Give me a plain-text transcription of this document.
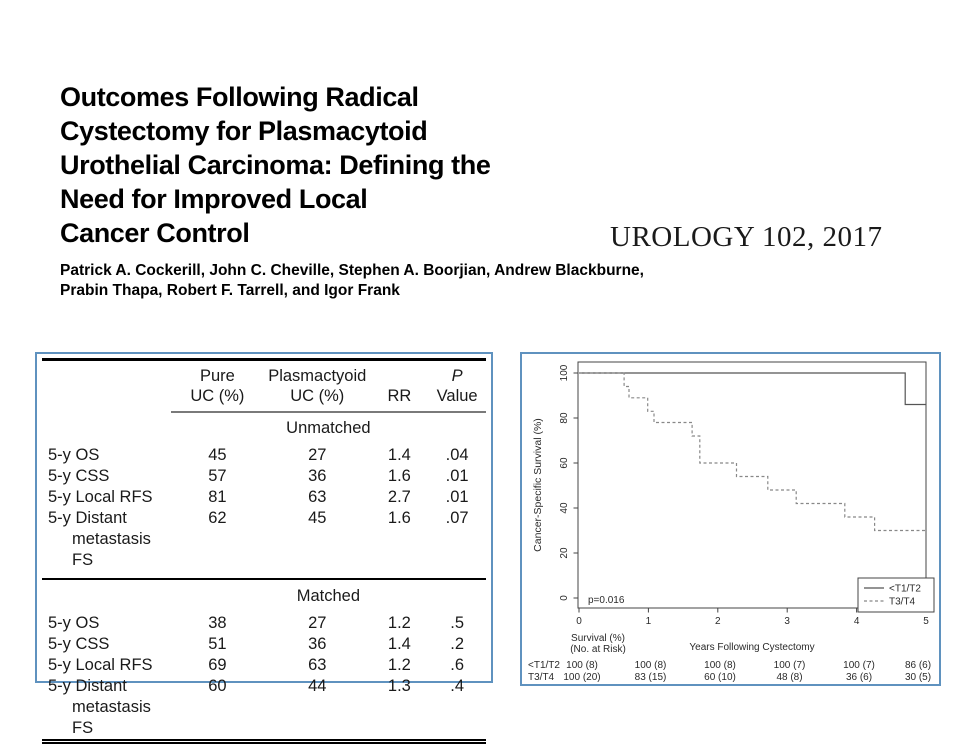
Outcomes Following Radical
Cystectomy for Plasmacytoid
Urothelial Carcinoma: Defining the
Need for Improved Local
Cancer Control	UROLOGY 102, 2017
Patrick A. Cockerill, John C. Cheville, Stephen A. Boorjian, Andrew Blackburne,
Prabin Thapa, Robert F. Tarrell, and Igor Frank
	Pure	Plasmactyoid		P
	UC (%)	UC (%)	RR	Value
	Unmatched			

5-y OS	45	27	1.4	.04

5-y CSS	57	36	1.6	.01

5-y Local RFS	81	63	2.7	.01

5-y Distant
metastasis FS	62	45	1.6	.07

	Matched			

5-y OS	38	27	1.2	.5

5-y CSS	51	36	1.4	.2

5-y Local RFS	69	63	1.2	.6

5-y Distant
metastasis FS	60	44	1.3	.4
0	1	2	3	4	5
0
20
40
60
80
100
Cancer-Specific Survival (%)
p=0.016
<T1/T2
T3/T4
Years Following Cystectomy
Survival (%)
(No. at Risk)
<T1/T2 100 (8)	100 (8)	100 (8)	100 (7)	100 (7)	86 (6)
T3/T4 100 (20)	83 (15)	60 (10)	48 (8)	36 (6)	30 (5)
